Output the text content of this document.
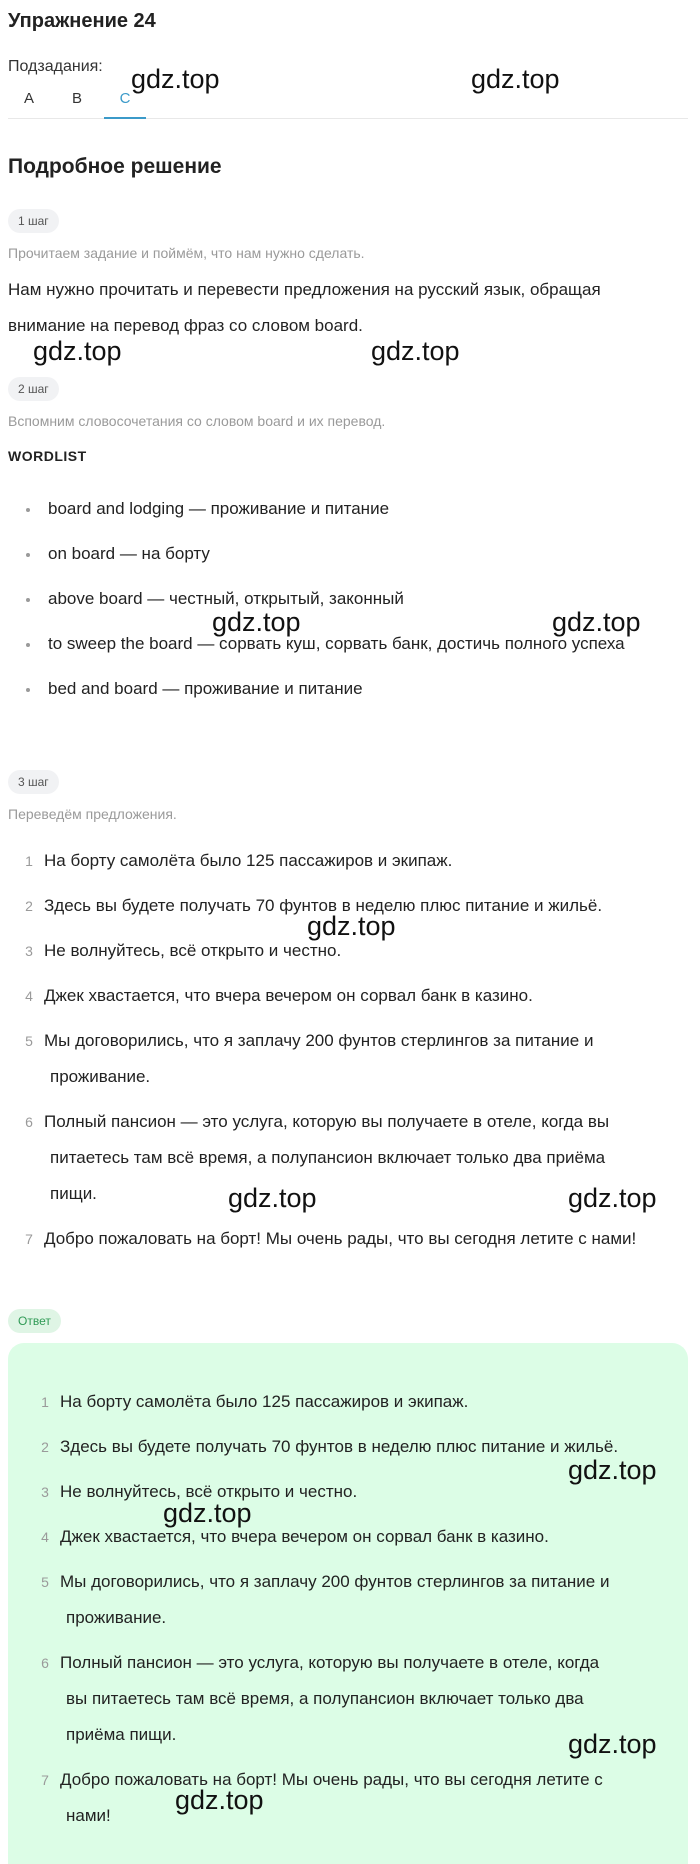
Упражнение 24
Подзадания:
A	B	C
Подробное решение
1 шаг
Прочитаем задание и поймём, что нам нужно сделать.
Нам нужно прочитать и перевести предложения на русский язык, обращая
внимание на перевод фраз со словом board.
2 шаг
Вспомним словосочетания со словом board и их перевод.
WORDLIST
board and lodging — проживание и питание
on board — на борту
above board — честный, открытый, законный
to sweep the board — сорвать куш, сорвать банк, достичь полного успеха
bed and board — проживание и питание
3 шаг
Переведём предложения.
1 На борту самолёта было 125 пассажиров и экипаж.
2 Здесь вы будете получать 70 фунтов в неделю плюс питание и жильё.
3 Не волнуйтесь, всё открыто и честно.
4 Джек хвастается, что вчера вечером он сорвал банк в казино.
5 Мы договорились, что я заплачу 200 фунтов стерлингов за питание и
проживание.
6 Полный пансион — это услуга, которую вы получаете в отеле, когда вы
питаетесь там всё время, а полупансион включает только два приёма
пищи.
7 Добро пожаловать на борт! Мы очень рады, что вы сегодня летите с нами!
Ответ
1 На борту самолёта было 125 пассажиров и экипаж.
2 Здесь вы будете получать 70 фунтов в неделю плюс питание и жильё.
3 Не волнуйтесь, всё открыто и честно.
4 Джек хвастается, что вчера вечером он сорвал банк в казино.
5 Мы договорились, что я заплачу 200 фунтов стерлингов за питание и
проживание.
6 Полный пансион — это услуга, которую вы получаете в отеле, когда
вы питаетесь там всё время, а полупансион включает только два
приёма пищи.
7 Добро пожаловать на борт! Мы очень рады, что вы сегодня летите с
нами!
gdz.top	gdz.top
gdz.top	gdz.top
gdz.top	gdz.top
gdz.top
gdz.top	gdz.top
gdz.top
gdz.top
gdz.top
gdz.top
